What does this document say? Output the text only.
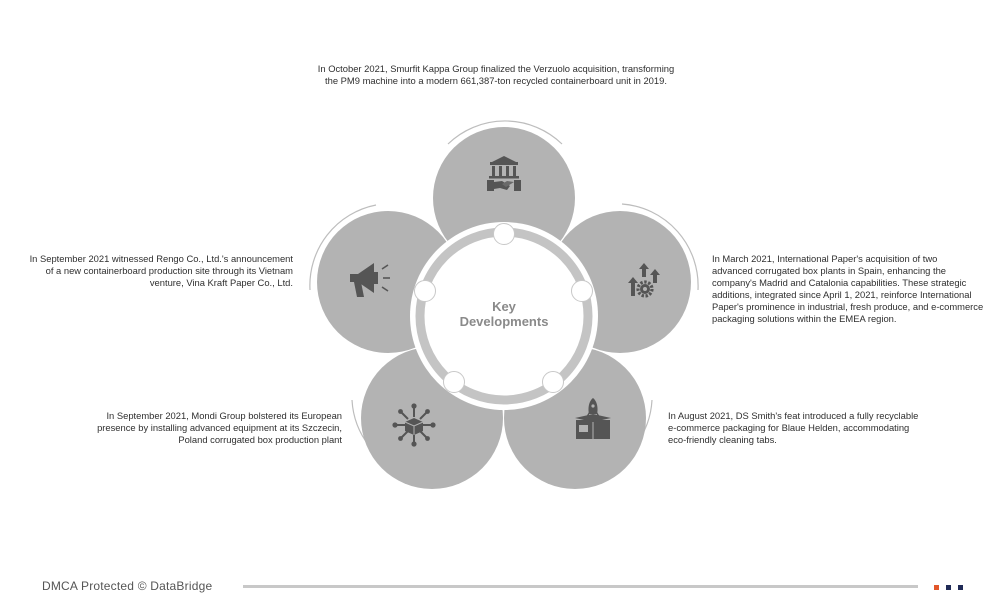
In October 2021, Smurfit Kappa Group finalized the Verzuolo acquisition, transforming
the PM9 machine into a modern 661,387-ton recycled containerboard unit in 2019.
In September 2021 witnessed Rengo Co., Ltd.'s announcement
of a new containerboard production site through its Vietnam
venture, Vina Kraft Paper Co., Ltd.
In March 2021, International Paper's acquisition of two
advanced corrugated box plants in Spain, enhancing the
company's Madrid and Catalonia capabilities. These strategic
additions, integrated since April 1, 2021, reinforce International
Paper's prominence in industrial, fresh produce, and e-commerce
packaging solutions within the EMEA region.
In September 2021, Mondi Group bolstered its European
presence by installing advanced equipment at its Szczecin,
Poland corrugated box production plant
In August 2021, DS Smith's feat introduced a fully recyclable
e-commerce packaging for Blaue Helden, accommodating
eco-friendly cleaning tabs.
Key
Developments
DMCA Protected © DataBridge
